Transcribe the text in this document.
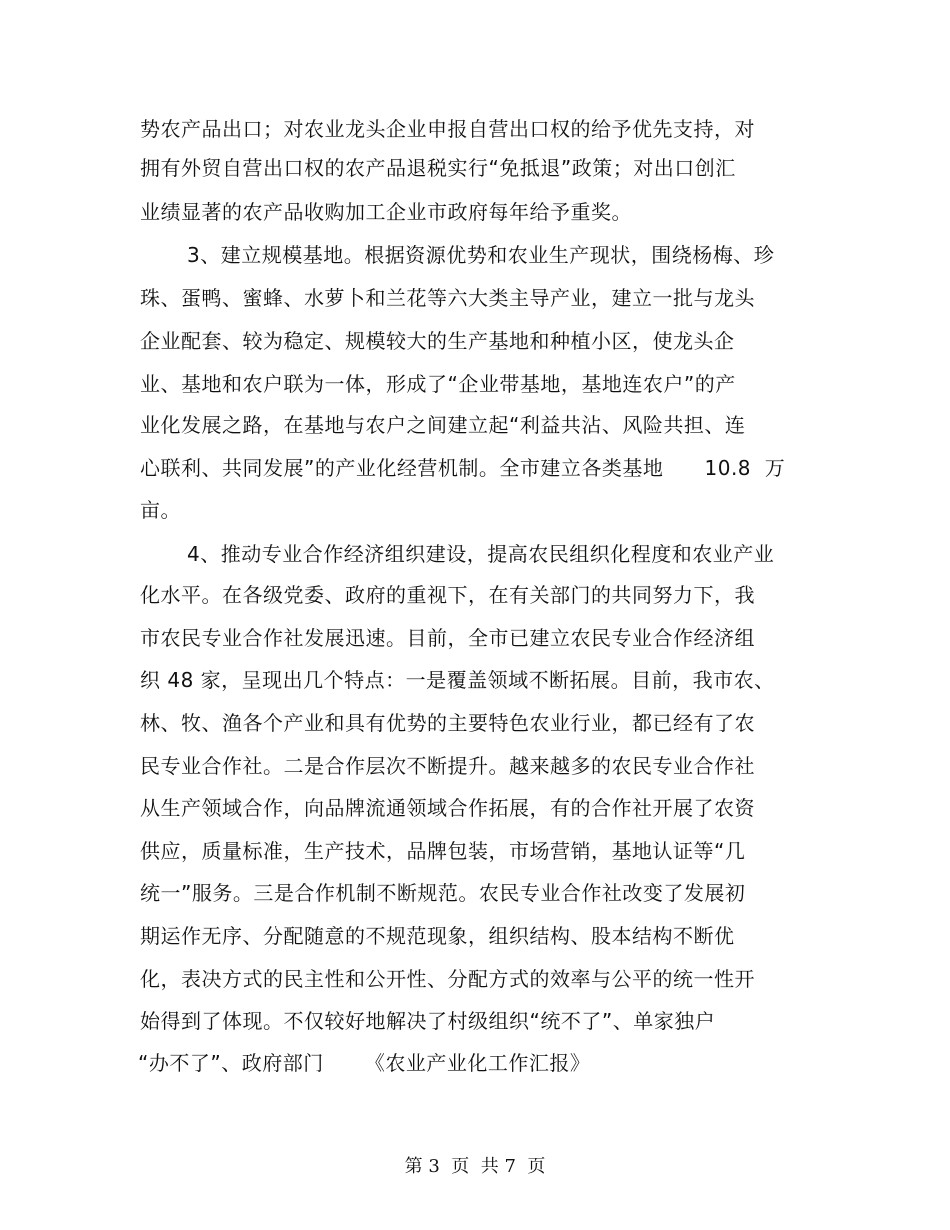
势农产品出口；对农业龙头企业申报自营出口权的给予优先支持，对
拥有外贸自营出口权的农产品退税实行“免抵退”政策；对出口创汇
业绩显著的农产品收购加工企业市政府每年给予重奖。
3、建立规模基地。根据资源优势和农业生产现状，围绕杨梅、珍
珠、蛋鸭、蜜蜂、水萝卜和兰花等六大类主导产业，建立一批与龙头
企业配套、较为稳定、规模较大的生产基地和种植小区，使龙头企
业、基地和农户联为一体，形成了“企业带基地，基地连农户”的产
业化发展之路，在基地与农户之间建立起“利益共沾、风险共担、连
心联利、共同发展”的产业化经营机制。全市建立各类基地      10.8  万
亩。
4、推动专业合作经济组织建设，提高农民组织化程度和农业产业
化水平。在各级党委、政府的重视下，在有关部门的共同努力下，我
市农民专业合作社发展迅速。目前，全市已建立农民专业合作经济组
织 48 家，呈现出几个特点：一是覆盖领域不断拓展。目前，我市农、
林、牧、渔各个产业和具有优势的主要特色农业行业，都已经有了农
民专业合作社。二是合作层次不断提升。越来越多的农民专业合作社
从生产领域合作，向品牌流通领域合作拓展，有的合作社开展了农资
供应，质量标准，生产技术，品牌包装，市场营销，基地认证等“几
统一”服务。三是合作机制不断规范。农民专业合作社改变了发展初
期运作无序、分配随意的不规范现象，组织结构、股本结构不断优
化，表决方式的民主性和公开性、分配方式的效率与公平的统一性开
始得到了体现。不仅较好地解决了村级组织“统不了”、单家独户
“办不了”、政府部门      《农业产业化工作汇报》
第 3  页  共 7  页
